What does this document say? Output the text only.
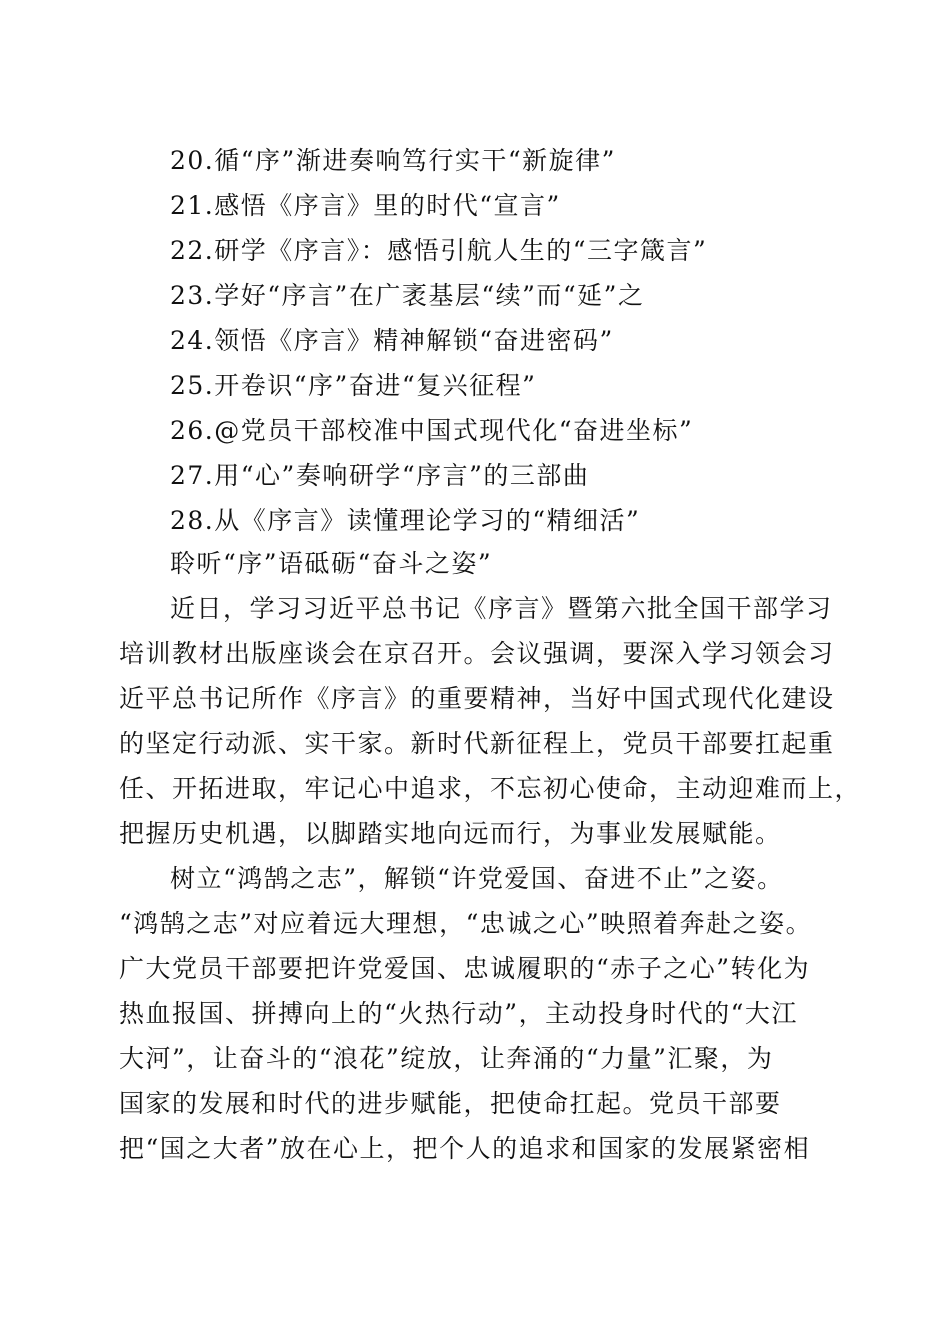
20.循“序”渐进奏响笃行实干“新旋律”
21.感悟《序言》里的时代“宣言”
22.研学《序言》：感悟引航人生的“三字箴言”
23.学好“序言”在广袤基层“续”而“延”之
24.领悟《序言》精神解锁“奋进密码”
25.开卷识“序”奋进“复兴征程”
26.@党员干部校准中国式现代化“奋进坐标”
27.用“心”奏响研学“序言”的三部曲
28.从《序言》读懂理论学习的“精细活”
聆听“序”语砥砺“奋斗之姿”
近日，学习习近平总书记《序言》暨第六批全国干部学习
培训教材出版座谈会在京召开。会议强调，要深入学习领会习
近平总书记所作《序言》的重要精神，当好中国式现代化建设
的坚定行动派、实干家。新时代新征程上，党员干部要扛起重
任、开拓进取，牢记心中追求，不忘初心使命，主动迎难而上，
把握历史机遇，以脚踏实地向远而行，为事业发展赋能。
树立“鸿鹄之志”，解锁“许党爱国、奋进不止”之姿。
“鸿鹄之志”对应着远大理想，“忠诚之心”映照着奔赴之姿。
广大党员干部要把许党爱国、忠诚履职的“赤子之心”转化为
热血报国、拼搏向上的“火热行动”，主动投身时代的“大江
大河”，让奋斗的“浪花”绽放，让奔涌的“力量”汇聚，为
国家的发展和时代的进步赋能，把使命扛起。党员干部要
把“国之大者”放在心上，把个人的追求和国家的发展紧密相
